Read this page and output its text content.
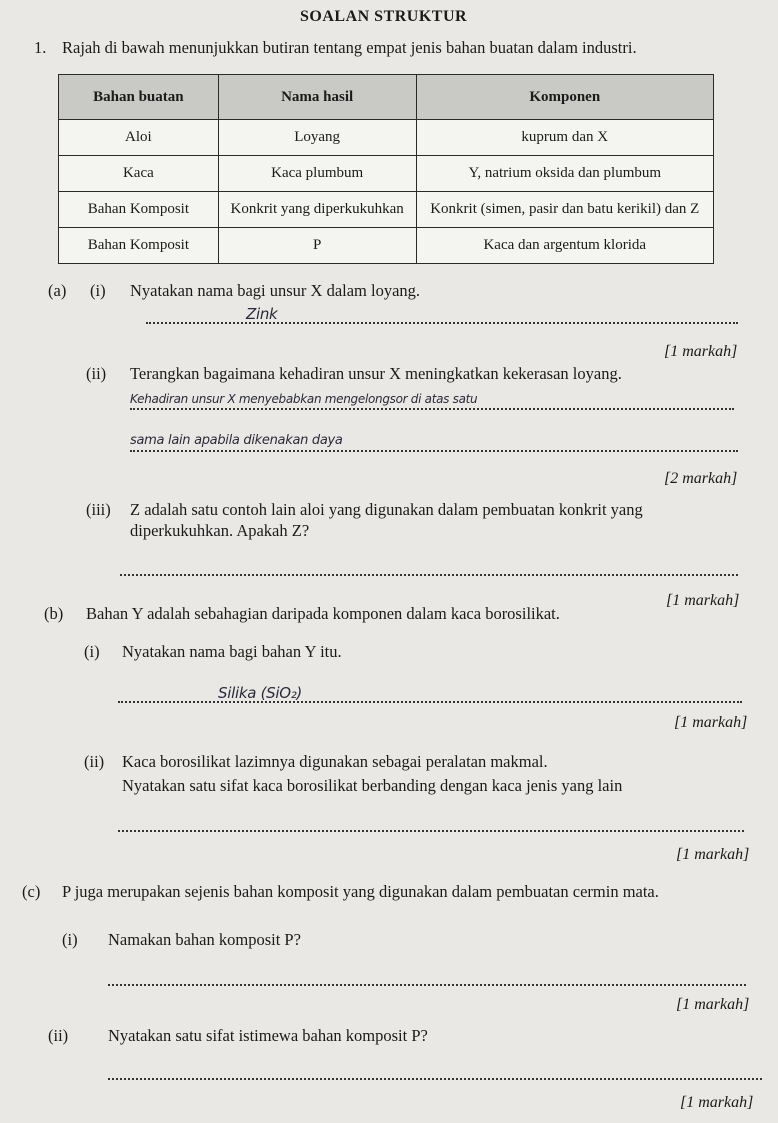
SOALAN STRUKTUR
1. Rajah di bawah menunjukkan butiran tentang empat jenis bahan buatan dalam industri.
Bahan buatan	Nama hasil	Komponen
Aloi	Loyang	kuprum dan X
Kaca	Kaca plumbum	Y, natrium oksida dan plumbum
Bahan Komposit	Konkrit yang diperkukuhkan	Konkrit (simen, pasir dan batu kerikil) dan Z
Bahan Komposit	P	Kaca dan argentum klorida
(a) (i) Nyatakan nama bagi unsur X dalam loyang.
Zink
[1 markah]
(ii) Terangkan bagaimana kehadiran unsur X meningkatkan kekerasan loyang.
Kehadiran unsur X menyebabkan mengelongsor di atas satu
sama lain apabila dikenakan daya
[2 markah]
(iii) Z adalah satu contoh lain aloi yang digunakan dalam pembuatan konkrit yang
diperkukuhkan. Apakah Z?
[1 markah]
(b) Bahan Y adalah sebahagian daripada komponen dalam kaca borosilikat.
(i) Nyatakan nama bagi bahan Y itu.
Silika (SiO₂)
[1 markah]
(ii) Kaca borosilikat lazimnya digunakan sebagai peralatan makmal.
Nyatakan satu sifat kaca borosilikat berbanding dengan kaca jenis yang lain
[1 markah]
(c) P juga merupakan sejenis bahan komposit yang digunakan dalam pembuatan cermin mata.
(i) Namakan bahan komposit P?
[1 markah]
(ii) Nyatakan satu sifat istimewa bahan komposit P?
[1 markah]
